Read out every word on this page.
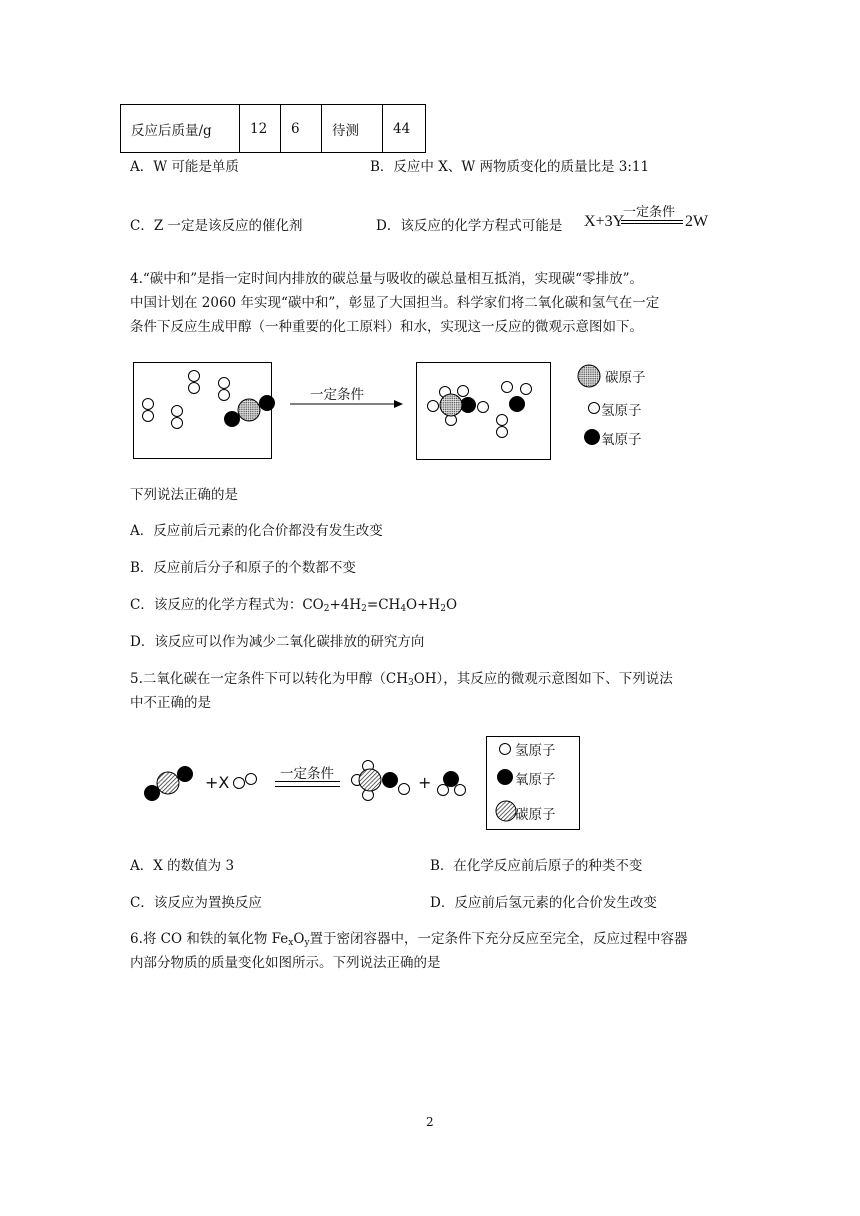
反应后质量/g	12	6	待测	44
A．W 可能是单质	B．反应中 X、W 两物质变化的质量比是 3:11
C．Z 一定是该反应的催化剂	D．该反应的化学方程式可能是 X+3Y
一定条件
2W
4.“碳中和”是指一定时间内排放的碳总量与吸收的碳总量相互抵消，实现碳“零排放”。
中国计划在 2060 年实现“碳中和”，彰显了大国担当。科学家们将二氧化碳和氢气在一定
条件下反应生成甲醇（一种重要的化工原料）和水，实现这一反应的微观示意图如下。
一定条件
碳原子
氢原子
氧原子
下列说法正确的是
A．反应前后元素的化合价都没有发生改变
B．反应前后分子和原子的个数都不变
C．该反应的化学方程式为：$CO_2+4H_2=CH_4O+H_2O$
D．该反应可以作为减少二氧化碳排放的研究方向
5.二氧化碳在一定条件下可以转化为甲醇$(CH_3OH)$，其反应的微观示意图如下、下列说法
中不正确的是
+X	+
一定条件
氢原子
氧原子
碳原子
A．X 的数值为 3	B．在化学反应前后原子的种类不变
C．该反应为置换反应	D．反应前后氢元素的化合价发生改变
6.将 CO 和铁的氧化物 $Fe_xO_y$置于密闭容器中，一定条件下充分反应至完全，反应过程中容器
内部分物质的质量变化如图所示。下列说法正确的是
2
